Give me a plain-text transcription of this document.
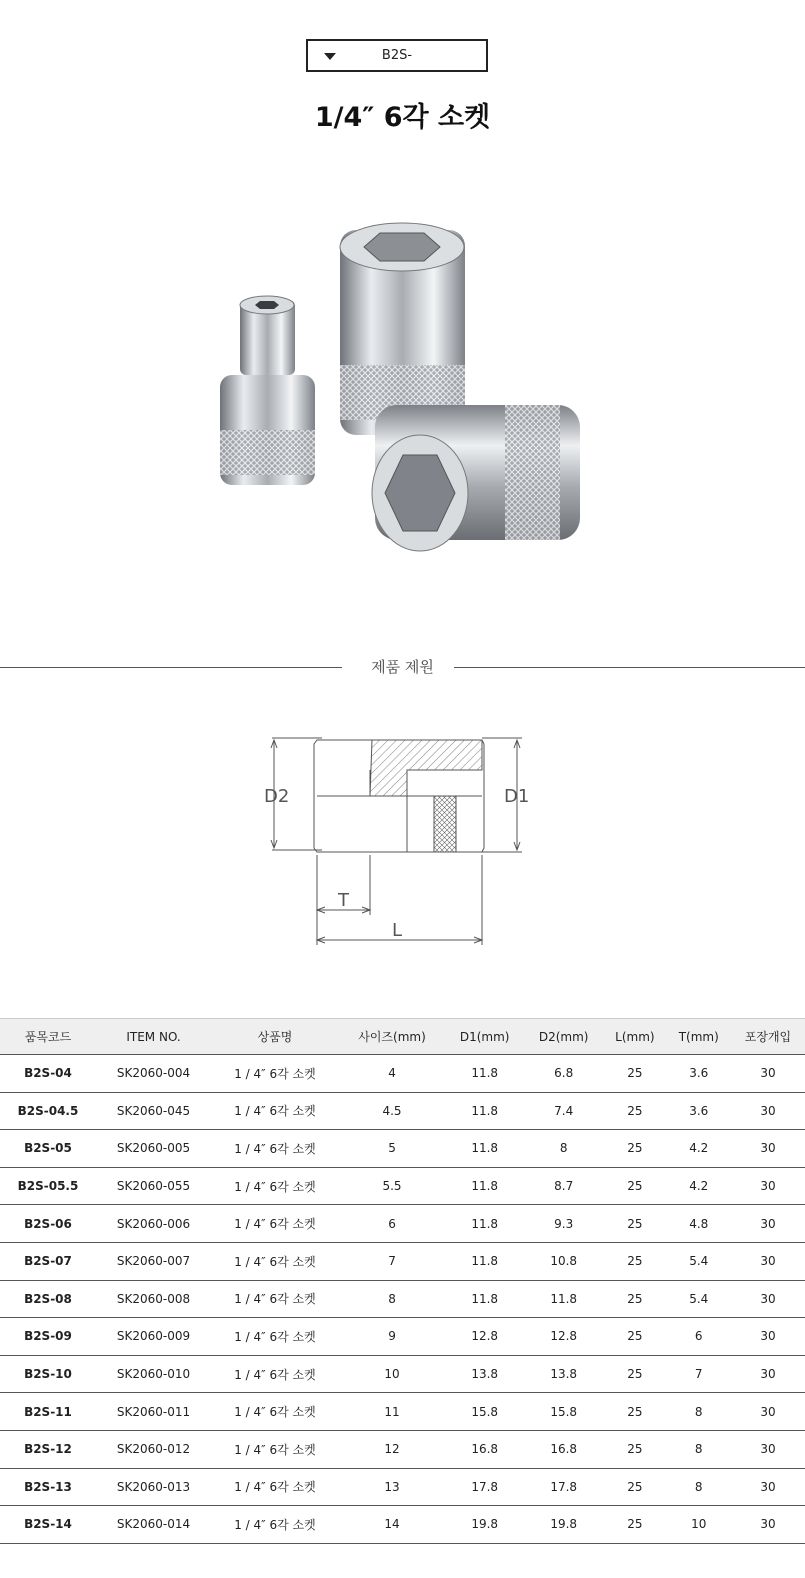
B2S-
1/4″ 6각 소켓
제품 제원
D2	D1
T
L
품목코드	ITEM NO.	상품명	사이즈(mm)	D1(mm)	D2(mm)	L(mm)	T(mm)	포장개입
B2S-04	SK2060-004	1 / 4″ 6각 소켓	4	11.8	6.8	25	3.6	30
B2S-04.5	SK2060-045	1 / 4″ 6각 소켓	4.5	11.8	7.4	25	3.6	30
B2S-05	SK2060-005	1 / 4″ 6각 소켓	5	11.8	8	25	4.2	30
B2S-05.5	SK2060-055	1 / 4″ 6각 소켓	5.5	11.8	8.7	25	4.2	30
B2S-06	SK2060-006	1 / 4″ 6각 소켓	6	11.8	9.3	25	4.8	30
B2S-07	SK2060-007	1 / 4″ 6각 소켓	7	11.8	10.8	25	5.4	30
B2S-08	SK2060-008	1 / 4″ 6각 소켓	8	11.8	11.8	25	5.4	30
B2S-09	SK2060-009	1 / 4″ 6각 소켓	9	12.8	12.8	25	6	30
B2S-10	SK2060-010	1 / 4″ 6각 소켓	10	13.8	13.8	25	7	30
B2S-11	SK2060-011	1 / 4″ 6각 소켓	11	15.8	15.8	25	8	30
B2S-12	SK2060-012	1 / 4″ 6각 소켓	12	16.8	16.8	25	8	30
B2S-13	SK2060-013	1 / 4″ 6각 소켓	13	17.8	17.8	25	8	30
B2S-14	SK2060-014	1 / 4″ 6각 소켓	14	19.8	19.8	25	10	30
